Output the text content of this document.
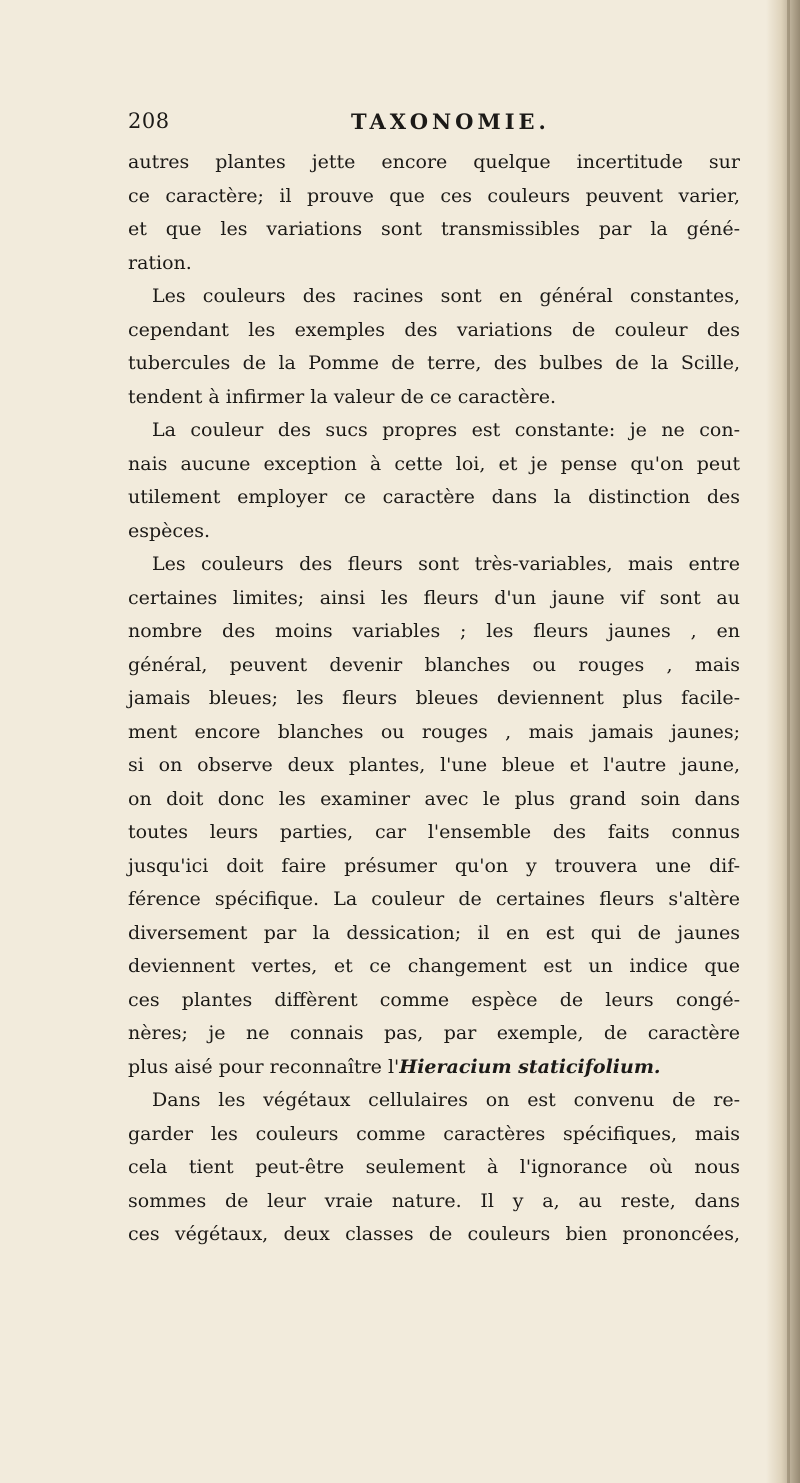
208	TAXONOMIE.
autres plantes jette encore quelque incertitude sur
ce caractère; il prouve que ces couleurs peuvent varier,
et que les variations sont transmissibles par la géné-
ration.
Les couleurs des racines sont en général constantes,
cependant les exemples des variations de couleur des
tubercules de la Pomme de terre, des bulbes de la Scille,
tendent à infirmer la valeur de ce caractère.
La couleur des sucs propres est constante: je ne con-
nais aucune exception à cette loi, et je pense qu'on peut
utilement employer ce caractère dans la distinction des
espèces.
Les couleurs des fleurs sont très-variables, mais entre
certaines limites; ainsi les fleurs d'un jaune vif sont au
nombre des moins variables ; les fleurs jaunes , en
général, peuvent devenir blanches ou rouges , mais
jamais bleues; les fleurs bleues deviennent plus facile-
ment encore blanches ou rouges , mais jamais jaunes;
si on observe deux plantes, l'une bleue et l'autre jaune,
on doit donc les examiner avec le plus grand soin dans
toutes leurs parties, car l'ensemble des faits connus
jusqu'ici doit faire présumer qu'on y trouvera une dif-
férence spécifique. La couleur de certaines fleurs s'altère
diversement par la dessication; il en est qui de jaunes
deviennent vertes, et ce changement est un indice que
ces plantes diffèrent comme espèce de leurs congé-
nères; je ne connais pas, par exemple, de caractère
plus aisé pour reconnaître l'Hieracium staticifolium.
Dans les végétaux cellulaires on est convenu de re-
garder les couleurs comme caractères spécifiques, mais
cela tient peut-être seulement à l'ignorance où nous
sommes de leur vraie nature. Il y a, au reste, dans
ces végétaux, deux classes de couleurs bien prononcées,
